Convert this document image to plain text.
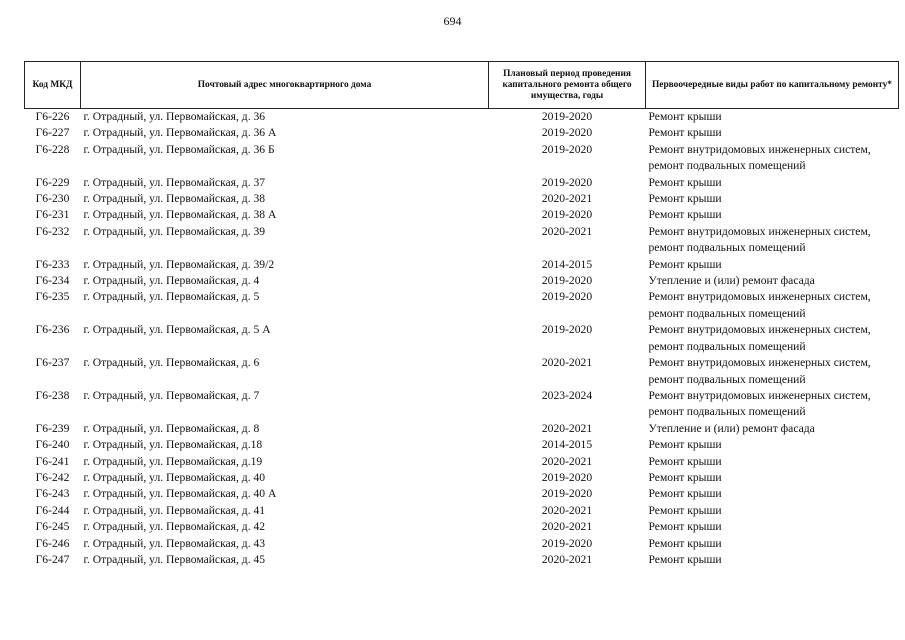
694
Код МКД	Почтовый адрес многоквартирного дома	Плановый период проведения капитального ремонта общего имущества, годы	Первоочередные виды работ по капитальному ремонту*
Г6-226	г. Отрадный, ул. Первомайская, д. 36	2019-2020	Ремонт крыши
Г6-227	г. Отрадный, ул. Первомайская, д. 36 А	2019-2020	Ремонт крыши
Г6-228	г. Отрадный, ул. Первомайская, д. 36 Б	2019-2020	Ремонт внутридомовых инженерных систем, ремонт подвальных помещений
Г6-229	г. Отрадный, ул. Первомайская, д. 37	2019-2020	Ремонт крыши
Г6-230	г. Отрадный, ул. Первомайская, д. 38	2020-2021	Ремонт крыши
Г6-231	г. Отрадный, ул. Первомайская, д. 38 А	2019-2020	Ремонт крыши
Г6-232	г. Отрадный, ул. Первомайская, д. 39	2020-2021	Ремонт внутридомовых инженерных систем, ремонт подвальных помещений
Г6-233	г. Отрадный, ул. Первомайская, д. 39/2	2014-2015	Ремонт крыши
Г6-234	г. Отрадный, ул. Первомайская, д. 4	2019-2020	Утепление и (или) ремонт фасада
Г6-235	г. Отрадный, ул. Первомайская, д. 5	2019-2020	Ремонт внутридомовых инженерных систем, ремонт подвальных помещений
Г6-236	г. Отрадный, ул. Первомайская, д. 5 А	2019-2020	Ремонт внутридомовых инженерных систем, ремонт подвальных помещений
Г6-237	г. Отрадный, ул. Первомайская, д. 6	2020-2021	Ремонт внутридомовых инженерных систем, ремонт подвальных помещений
Г6-238	г. Отрадный, ул. Первомайская, д. 7	2023-2024	Ремонт внутридомовых инженерных систем, ремонт подвальных помещений
Г6-239	г. Отрадный, ул. Первомайская, д. 8	2020-2021	Утепление и (или) ремонт фасада
Г6-240	г. Отрадный, ул. Первомайская, д.18	2014-2015	Ремонт крыши
Г6-241	г. Отрадный, ул. Первомайская, д.19	2020-2021	Ремонт крыши
Г6-242	г. Отрадный, ул. Первомайская, д. 40	2019-2020	Ремонт крыши
Г6-243	г. Отрадный, ул. Первомайская, д. 40 А	2019-2020	Ремонт крыши
Г6-244	г. Отрадный, ул. Первомайская, д. 41	2020-2021	Ремонт крыши
Г6-245	г. Отрадный, ул. Первомайская, д. 42	2020-2021	Ремонт крыши
Г6-246	г. Отрадный, ул. Первомайская, д. 43	2019-2020	Ремонт крыши
Г6-247	г. Отрадный, ул. Первомайская, д. 45	2020-2021	Ремонт крыши
